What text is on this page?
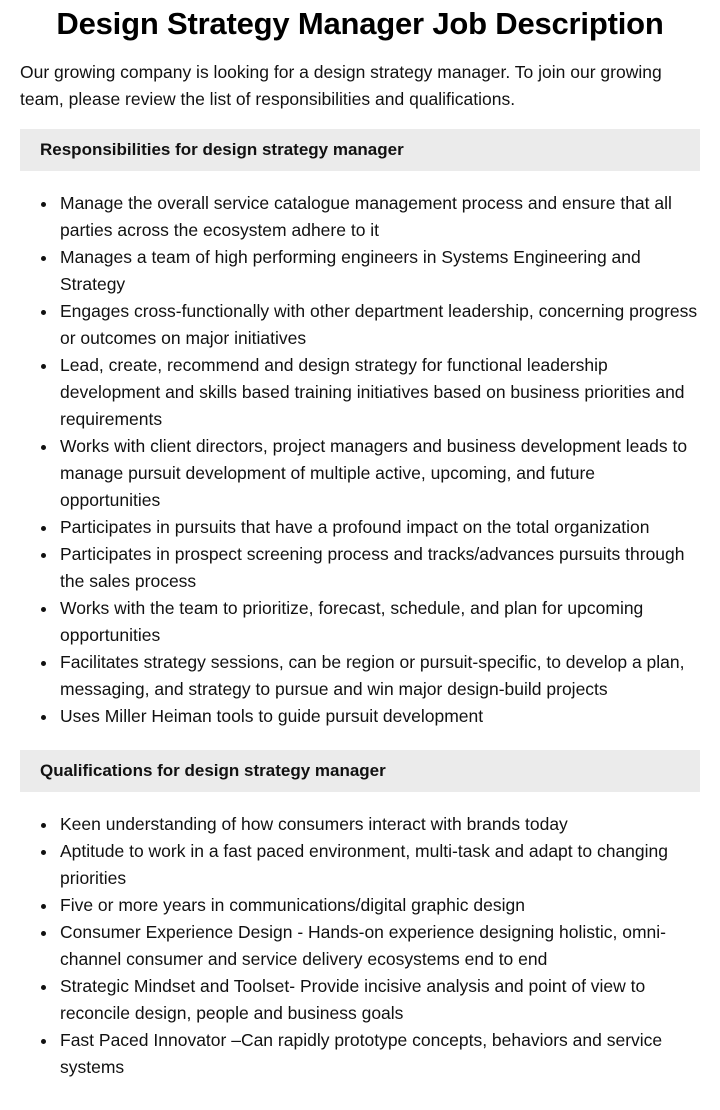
Design Strategy Manager Job Description

Our growing company is looking for a design strategy manager. To join our growing team, please review the list of responsibilities and qualifications.

Responsibilities for design strategy manager
Manage the overall service catalogue management process and ensure that all parties across the ecosystem adhere to it
Manages a team of high performing engineers in Systems Engineering and Strategy
Engages cross-functionally with other department leadership, concerning progress or outcomes on major initiatives
Lead, create, recommend and design strategy for functional leadership development and skills based training initiatives based on business priorities and requirements
Works with client directors, project managers and business development leads to manage pursuit development of multiple active, upcoming, and future opportunities
Participates in pursuits that have a profound impact on the total organization
Participates in prospect screening process and tracks/advances pursuits through the sales process
Works with the team to prioritize, forecast, schedule, and plan for upcoming opportunities
Facilitates strategy sessions, can be region or pursuit-specific, to develop a plan, messaging, and strategy to pursue and win major design-build projects
Uses Miller Heiman tools to guide pursuit development
Qualifications for design strategy manager
Keen understanding of how consumers interact with brands today
Aptitude to work in a fast paced environment, multi-task and adapt to changing priorities
Five or more years in communications/digital graphic design
Consumer Experience Design - Hands-on experience designing holistic, omni-channel consumer and service delivery ecosystems end to end
Strategic Mindset and Toolset- Provide incisive analysis and point of view to reconcile design, people and business goals
Fast Paced Innovator –Can rapidly prototype concepts, behaviors and service systems
